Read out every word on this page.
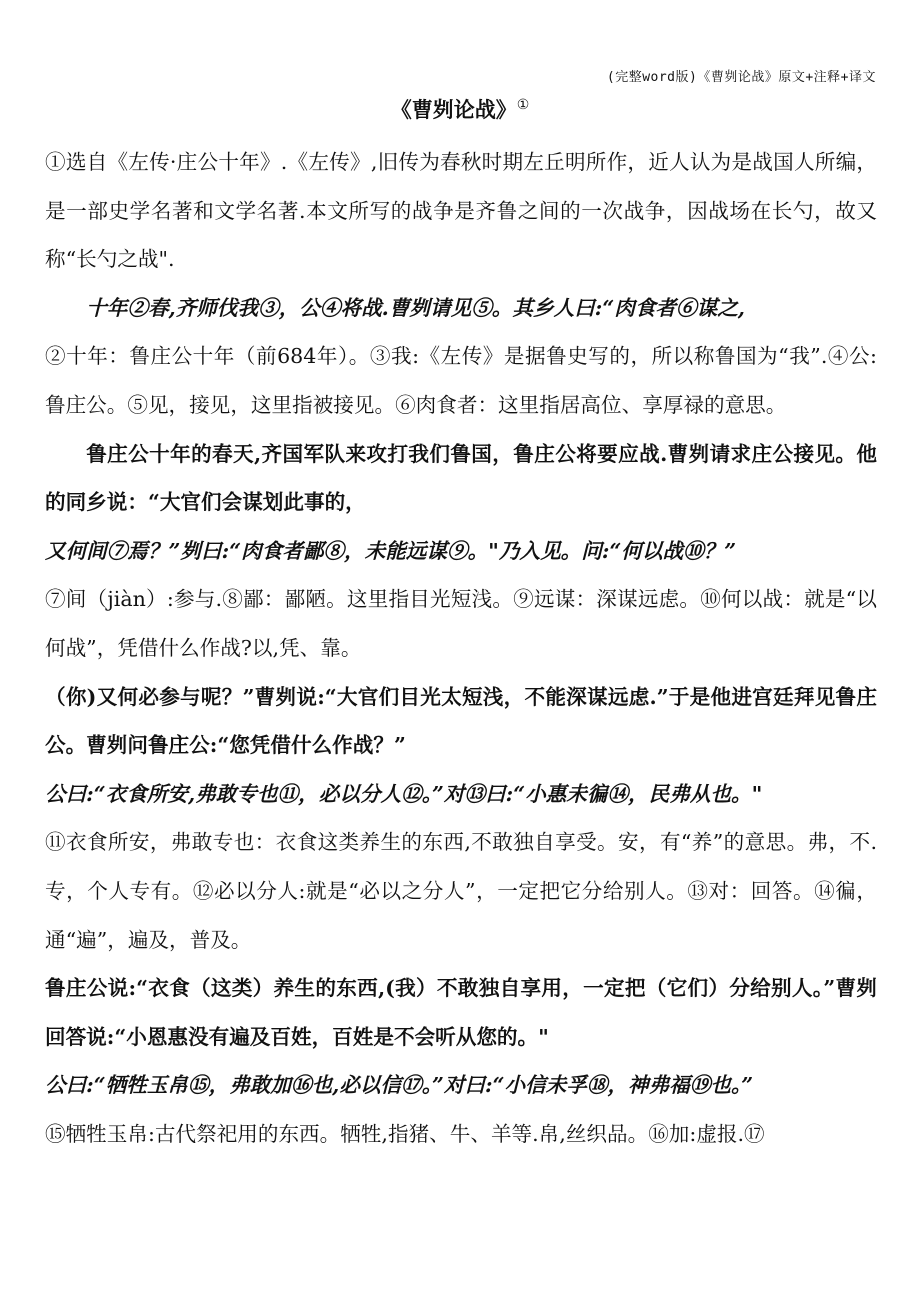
(完整word版)《曹刿论战》原文+注释+译文
《曹刿论战》①

①选自《左传·庄公十年》.《左传》,旧传为春秋时期左丘明所作，近人认为是战国人所编，是一部史学名著和文学名著.本文所写的战争是齐鲁之间的一次战争，因战场在长勺，故又称“长勺之战".

十年②春,齐师伐我③，公④将战.曹刿请见⑤。其乡人曰:“肉食者⑥谋之,

②十年：鲁庄公十年（前684年）。③我:《左传》是据鲁史写的，所以称鲁国为“我”.④公:鲁庄公。⑤见，接见，这里指被接见。⑥肉食者：这里指居高位、享厚禄的意思。

鲁庄公十年的春天,齐国军队来攻打我们鲁国，鲁庄公将要应战.曹刿请求庄公接见。他的同乡说：“大官们会谋划此事的，

又何间⑦焉？”刿曰:“肉食者鄙⑧，未能远谋⑨。"乃入见。问:“何以战⑩？”

⑦间（jiàn）:参与.⑧鄙：鄙陋。这里指目光短浅。⑨远谋：深谋远虑。⑩何以战：就是“以何战”，凭借什么作战?以,凭、靠。

（你)又何必参与呢？”曹刿说:“大官们目光太短浅，不能深谋远虑.”于是他进宫廷拜见鲁庄公。曹刿问鲁庄公:“您凭借什么作战？”

公曰:“衣食所安,弗敢专也⑪，必以分人⑫。”对⑬曰:“小惠未徧⑭，民弗从也。"

⑪衣食所安，弗敢专也：衣食这类养生的东西,不敢独自享受。安，有“养”的意思。弗，不.专，个人专有。⑫必以分人:就是“必以之分人”，一定把它分给别人。⑬对：回答。⑭徧，通“遍”，遍及，普及。

鲁庄公说:“衣食（这类）养生的东西,(我）不敢独自享用，一定把（它们）分给别人。”曹刿回答说:“小恩惠没有遍及百姓，百姓是不会听从您的。"

公曰:“牺牲玉帛⑮，弗敢加⑯也,必以信⑰。”对曰:“小信未孚⑱，神弗福⑲也。”

⑮牺牲玉帛:古代祭祀用的东西。牺牲,指猪、牛、羊等.帛,丝织品。⑯加:虚报.⑰
